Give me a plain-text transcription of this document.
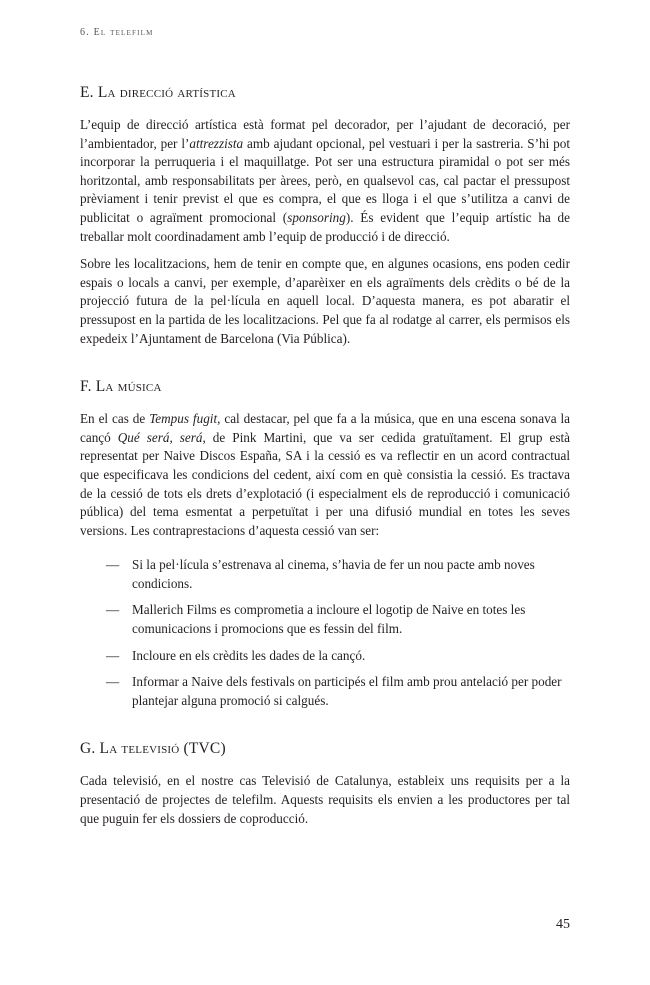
6. El telefilm
E. La direcció artística

L’equip de direcció artística està format pel decorador, per l’ajudant de decoració, per l’ambientador, per l’attrezzista amb ajudant opcional, pel vestuari i per la sastreria. S’hi pot incorporar la perruqueria i el maquillatge. Pot ser una estructura piramidal o pot ser més horitzontal, amb responsabilitats per àrees, però, en qualsevol cas, cal pactar el pressupost prèviament i tenir previst el que es compra, el que es lloga i el que s’utilitza a canvi de publicitat o agraïment promocional (sponsoring). És evident que l’equip artístic ha de treballar molt coordinadament amb l’equip de producció i de direcció.

Sobre les localitzacions, hem de tenir en compte que, en algunes ocasions, ens poden cedir espais o locals a canvi, per exemple, d’aparèixer en els agraïments dels crèdits o bé de la projecció futura de la pel·lícula en aquell local. D’aquesta manera, es pot abaratir el pressupost en la partida de les localitzacions. Pel que fa al rodatge al carrer, els permisos els expedeix l’Ajuntament de Barcelona (Via Pública).

F. La música

En el cas de Tempus fugit, cal destacar, pel que fa a la música, que en una escena sonava la cançó Qué será, será, de Pink Martini, que va ser cedida gratuïtament. El grup està representat per Naive Discos España, SA i la cessió es va reflectir en un acord contractual que especificava les condicions del cedent, així com en què consistia la cessió. Es tractava de la cessió de tots els drets d’explotació (i especialment els de reproducció i comunicació pública) del tema esmentat a perpetuïtat i per una difusió mundial en totes les seves versions. Les contraprestacions d’aquesta cessió van ser:

— Si la pel·lícula s’estrenava al cinema, s’havia de fer un nou pacte amb noves condicions.
— Mallerich Films es comprometia a incloure el logotip de Naive en totes les comunicacions i promocions que es fessin del film.
— Incloure en els crèdits les dades de la cançó.
— Informar a Naive dels festivals on participés el film amb prou antelació per poder plantejar alguna promoció si calgués.
G. La televisió (TVC)

Cada televisió, en el nostre cas Televisió de Catalunya, estableix uns requisits per a la presentació de projectes de telefilm. Aquests requisits els envien a les productores per tal que puguin fer els dossiers de coproducció.

45
